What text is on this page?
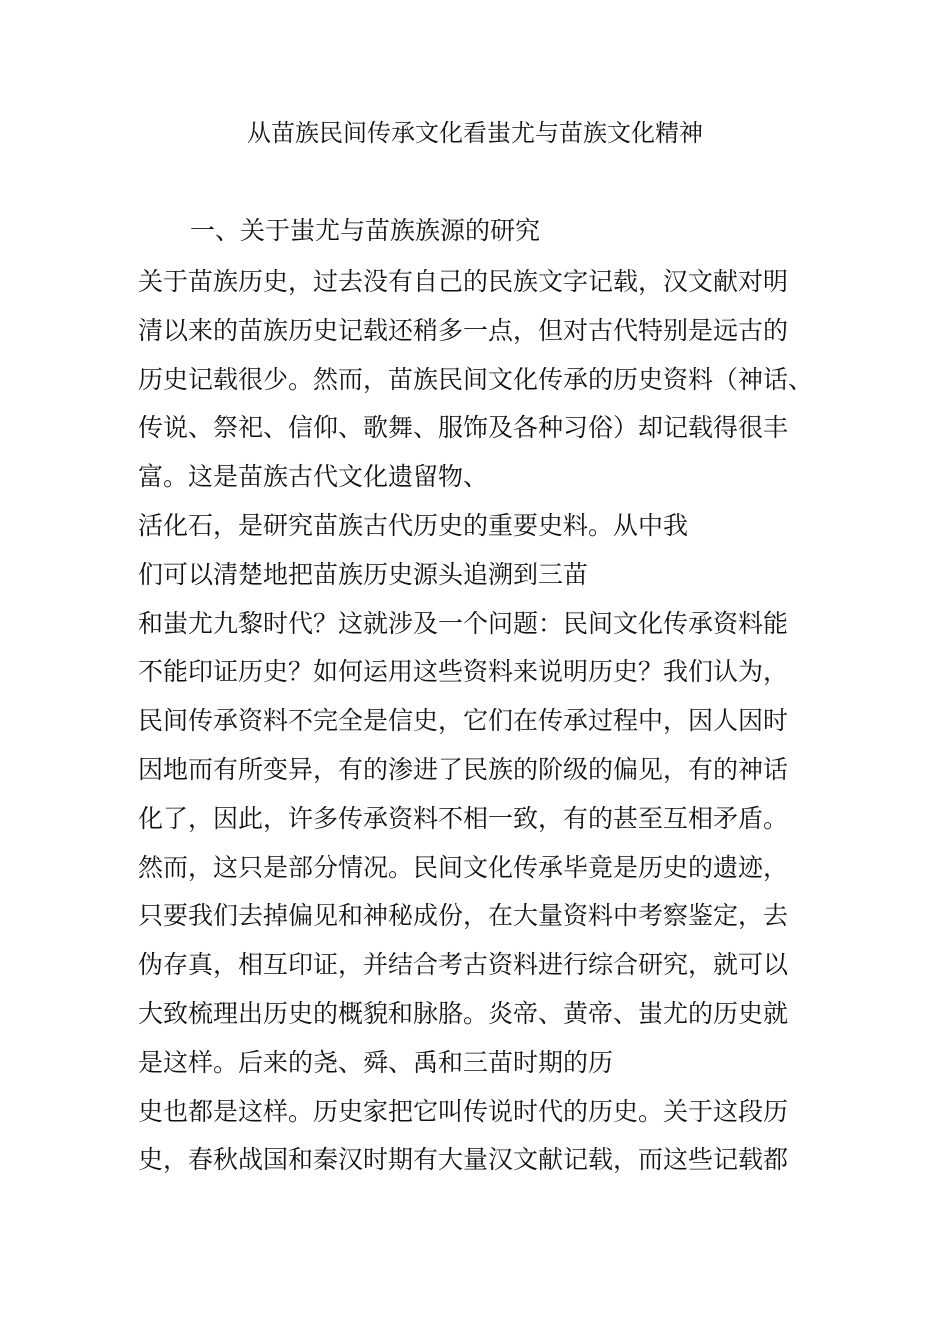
从苗族民间传承文化看蚩尤与苗族文化精神
一、关于蚩尤与苗族族源的研究
关于苗族历史，过去没有自己的民族文字记载，汉文献对明
清以来的苗族历史记载还稍多一点，但对古代特别是远古的
历史记载很少。然而，苗族民间文化传承的历史资料（神话、
传说、祭祀、信仰、歌舞、服饰及各种习俗）却记载得很丰
富。这是苗族古代文化遗留物、
活化石，是研究苗族古代历史的重要史料。从中我
们可以清楚地把苗族历史源头追溯到三苗
和蚩尤九黎时代？这就涉及一个问题：民间文化传承资料能
不能印证历史？如何运用这些资料来说明历史？我们认为，
民间传承资料不完全是信史，它们在传承过程中，因人因时
因地而有所变异，有的渗进了民族的阶级的偏见，有的神话
化了，因此，许多传承资料不相一致，有的甚至互相矛盾。
然而，这只是部分情况。民间文化传承毕竟是历史的遗迹，
只要我们去掉偏见和神秘成份，在大量资料中考察鉴定，去
伪存真，相互印证，并结合考古资料进行综合研究，就可以
大致梳理出历史的概貌和脉胳。炎帝、黄帝、蚩尤的历史就
是这样。后来的尧、舜、禹和三苗时期的历
史也都是这样。历史家把它叫传说时代的历史。关于这段历
史，春秋战国和秦汉时期有大量汉文献记载，而这些记载都
